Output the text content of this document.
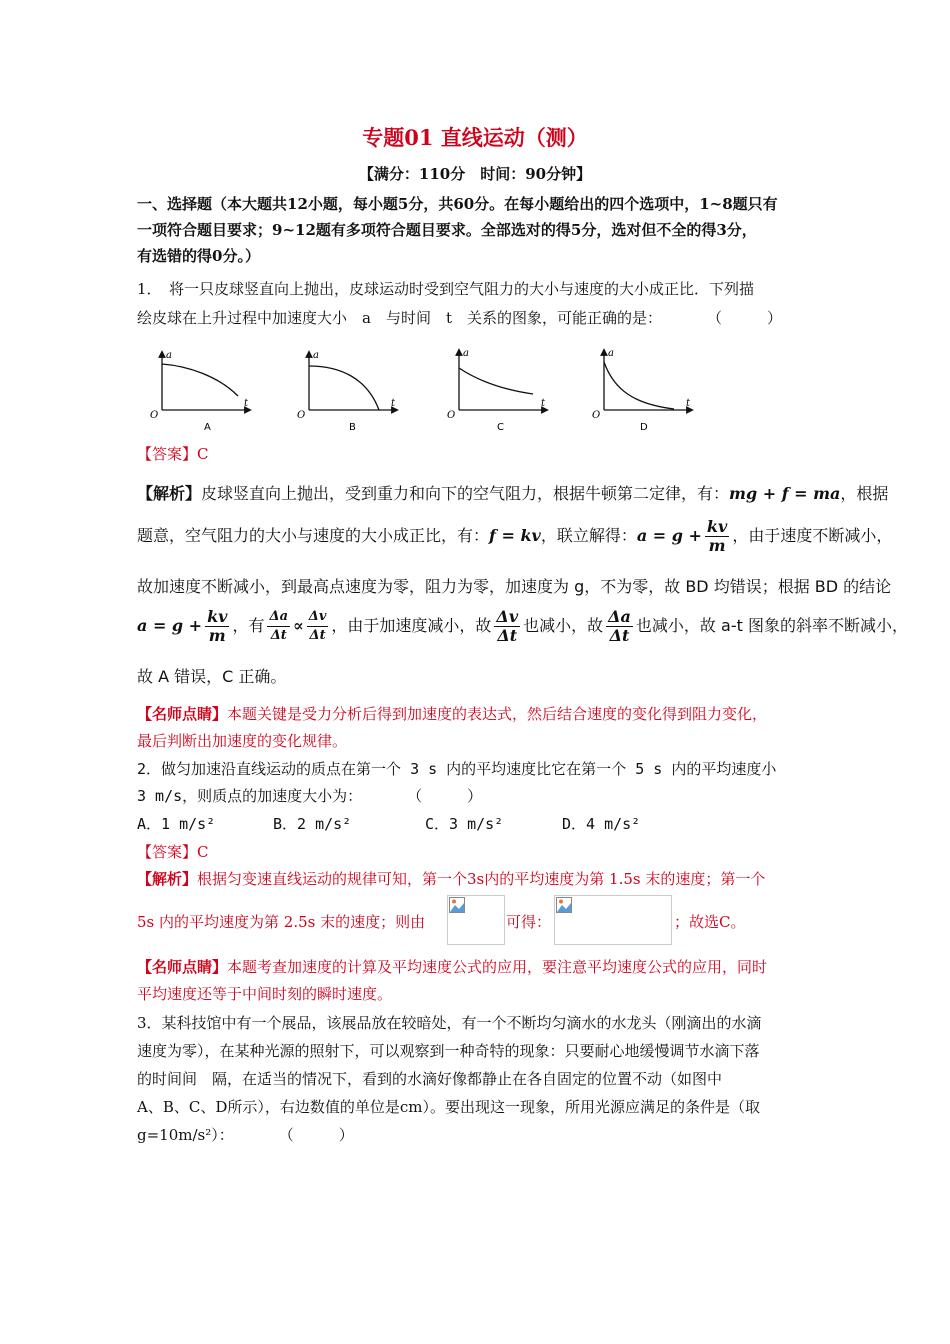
专题01 直线运动（测）
【满分：110分　时间：90分钟】
一、选择题（本大题共12小题，每小题5分，共60分。在每小题给出的四个选项中，1~8题只有
一项符合题目要求；9~12题有多项符合题目要求。全部选对的得5分，选对但不全的得3分，
有选错的得0分。）
1．　将一只皮球竖直向上抛出，皮球运动时受到空气阻力的大小与速度的大小成正比．下列描
绘皮球在上升过程中加速度大小　a　与时间　t　关系的图象，可能正确的是：　　　　（　　　）
a
t
O
A
a
t
O
B
a
t
O
C
a
t
O
D
【答案】C
【解析】皮球竖直向上抛出，受到重力和向下的空气阻力，根据牛顿第二定律，有：mg + f = ma，根据
题意，空气阻力的大小与速度的大小成正比，有：f = kv，联立解得：$a = g + \frac{kv}{m}$ ，由于速度不断减小，
故加速度不断减小，到最高点速度为零，阻力为零，加速度为 g，不为零，故 BD 均错误；根据 BD 的结论
$a = g + \frac{kv}{m}$ ，有 $\frac{\Delta a}{\Delta t} \propto \frac{\Delta v}{\Delta t}$ ，由于加速度减小，故 $\frac{\Delta v}{\Delta t}$ 也减小，故 $\frac{\Delta a}{\Delta t}$ 也减小，故 a-t 图象的斜率不断减小，
故 A 错误，C 正确。
【名师点睛】本题关键是受力分析后得到加速度的表达式，然后结合速度的变化得到阻力变化，
最后判断出加速度的变化规律。
2．做匀加速沿直线运动的质点在第一个 3 s 内的平均速度比它在第一个 5 s 内的平均速度小
3 m/s，则质点的加速度大小为：　　　　（　　　）
A．1 m/s²	B．2 m/s²	C．3 m/s²	D．4 m/s²
【答案】C
【解析】根据匀变速直线运动的规律可知，第一个3s内的平均速度为第 1.5s 末的速度；第一个
5s 内的平均速度为第 2.5s 末的速度；则由	可得：	；故选C。
【名师点睛】本题考查加速度的计算及平均速度公式的应用，要注意平均速度公式的应用，同时
平均速度还等于中间时刻的瞬时速度。
3．某科技馆中有一个展品，该展品放在较暗处，有一个不断均匀滴水的水龙头（刚滴出的水滴
速度为零），在某种光源的照射下，可以观察到一种奇特的现象：只要耐心地缓慢调节水滴下落
的时间间　隔，在适当的情况下，看到的水滴好像都静止在各自固定的位置不动（如图中
A、B、C、D所示），右边数值的单位是cm）。要出现这一现象，所用光源应满足的条件是（取
g=10m/s²）：　　　　（　　　）
